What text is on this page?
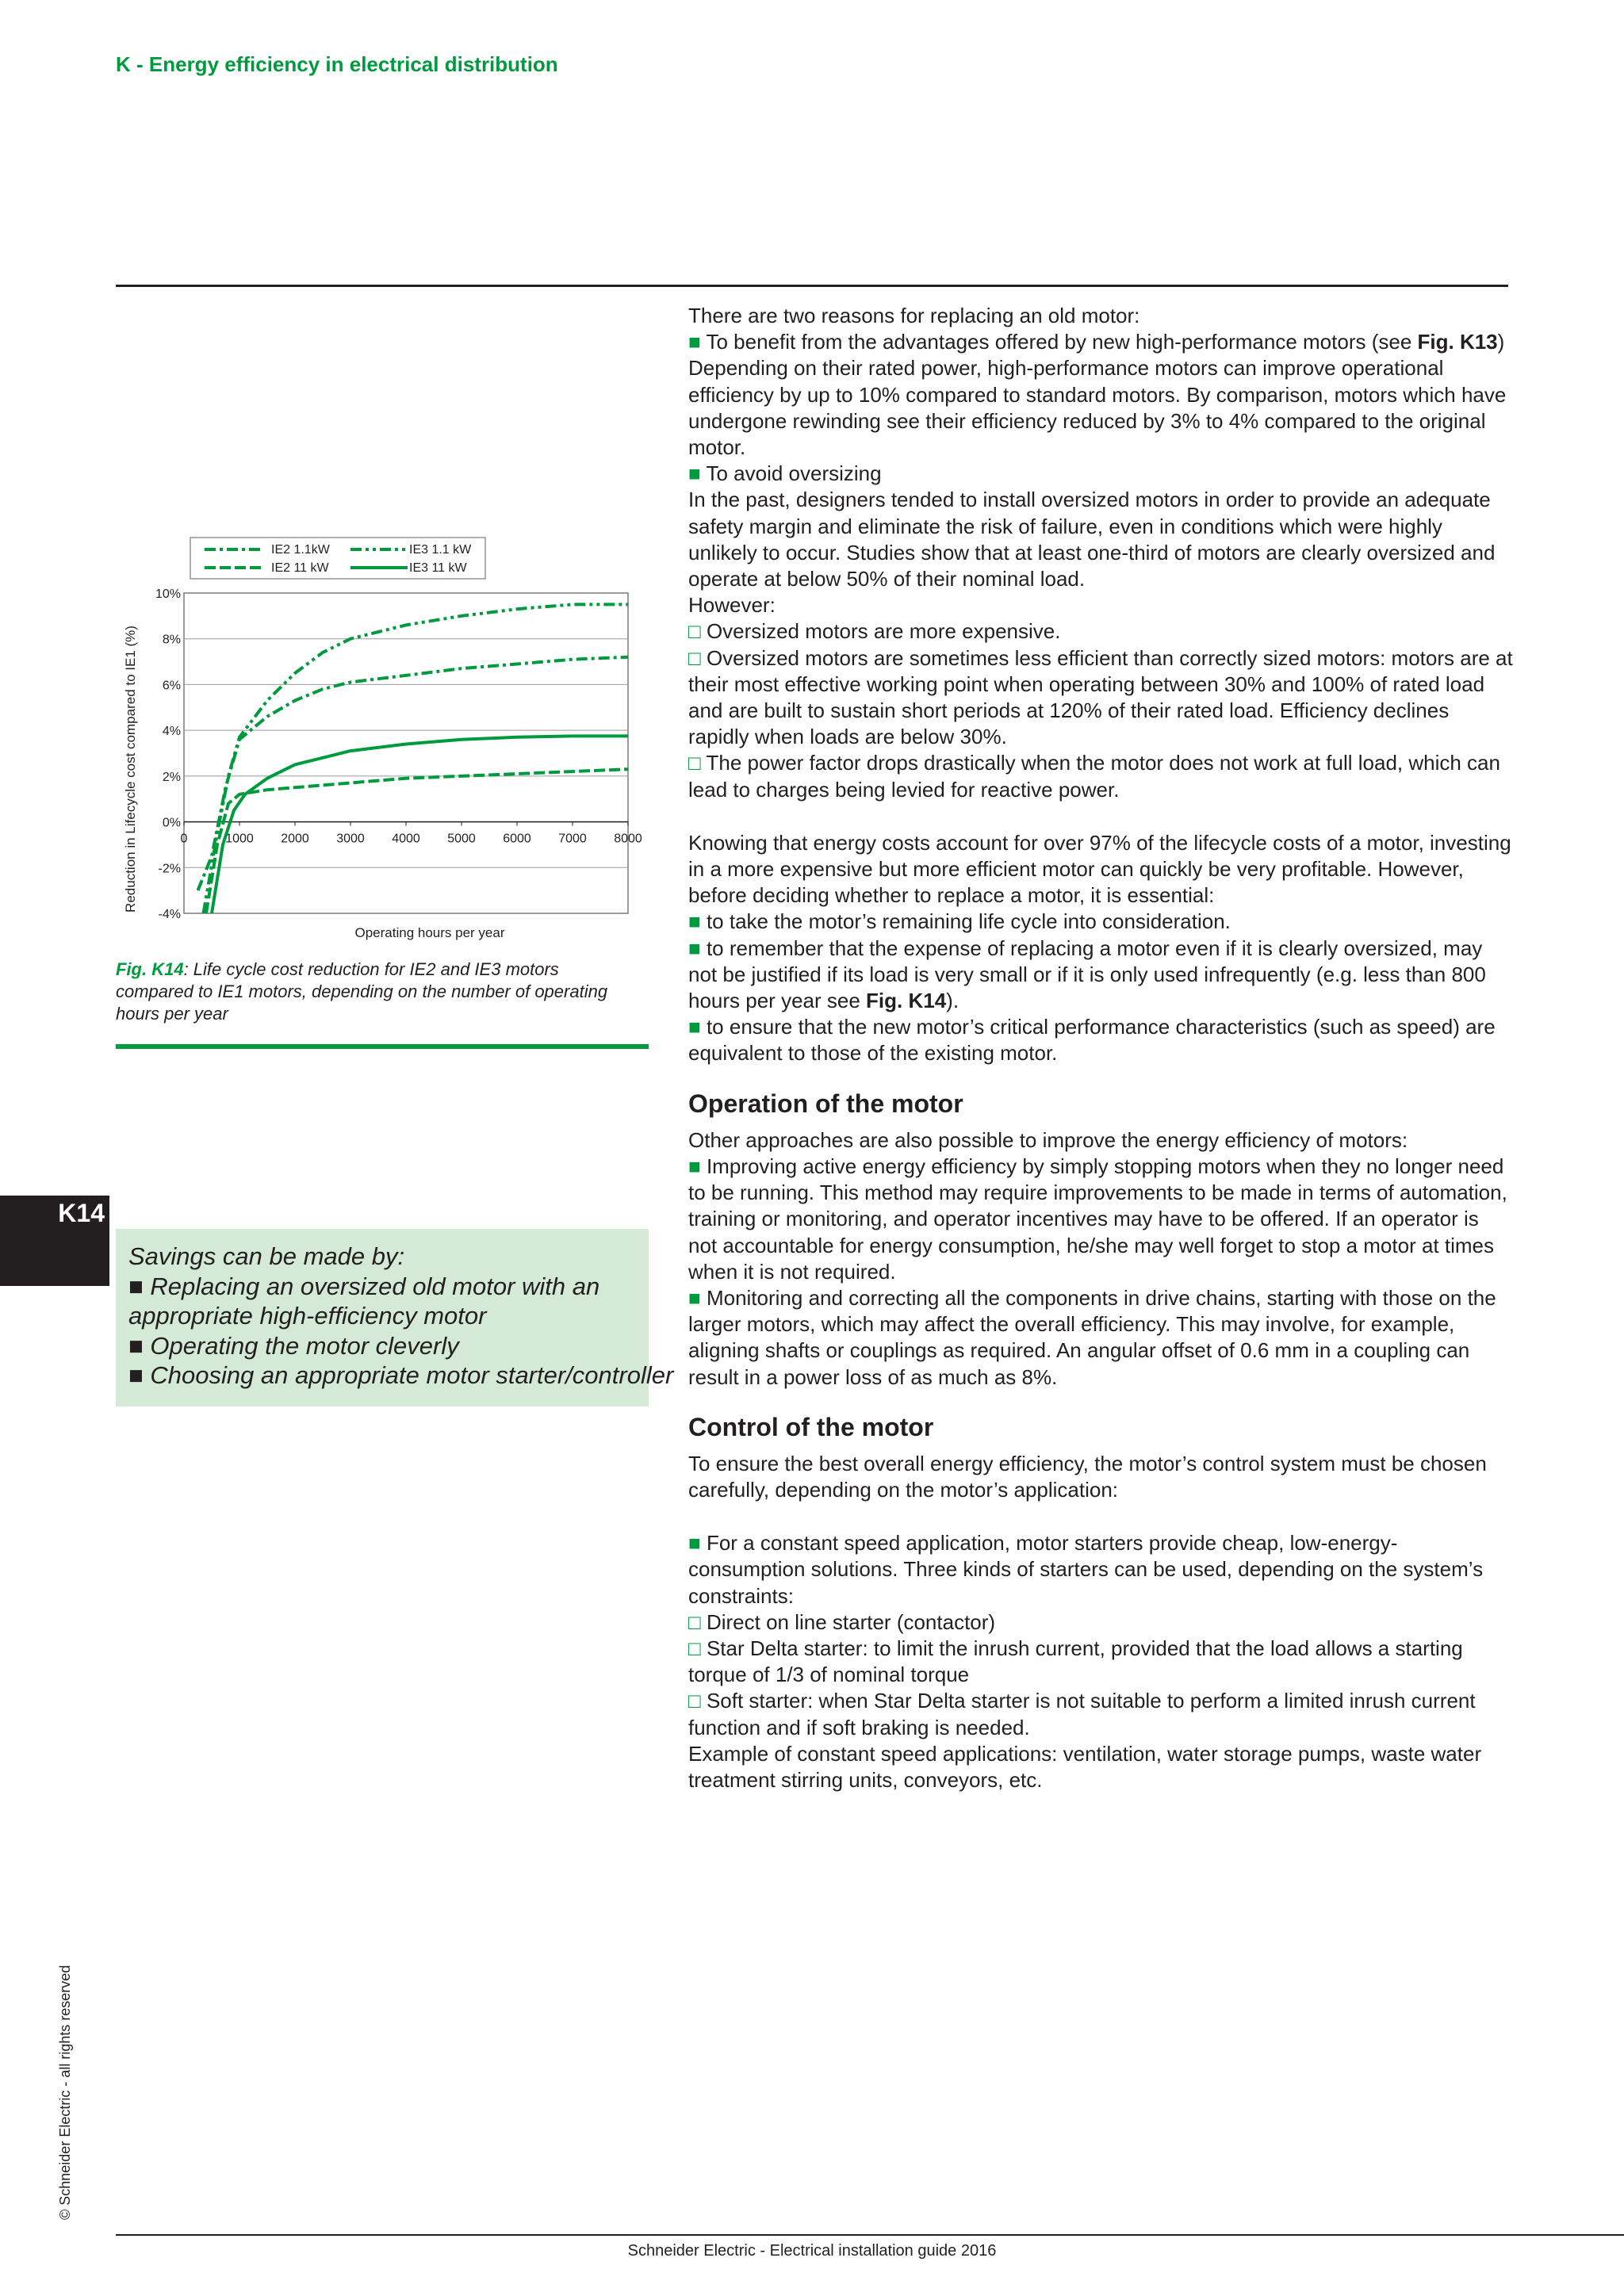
K - Energy efficiency in electrical distribution
10%
8%
6%
4%
2%
0%
-2%
-4%
0	1000 2000 3000 4000 5000 6000 7000 8000
Operating hours per year
Reduction in Lifecycle cost compared to IE1 (%)
IE2 1.1kW
IE2 11 kW
IE3 1.1 kW
IE3 11 kW
Fig. K14: Life cycle cost reduction for IE2 and IE3 motors compared to IE1 motors, depending on the number of operating hours per year
K14
Savings can be made by:
■ Replacing an oversized old motor with an appropriate high-efficiency motor
■ Operating the motor cleverly
■ Choosing an appropriate motor starter/controller

There are two reasons for replacing an old motor:

■ To benefit from the advantages offered by new high-performance motors (see Fig. K13)

Depending on their rated power, high-performance motors can improve operational efficiency by up to 10% compared to standard motors. By comparison, motors which have undergone rewinding see their efficiency reduced by 3% to 4% compared to the original motor.

■ To avoid oversizing

In the past, designers tended to install oversized motors in order to provide an adequate safety margin and eliminate the risk of failure, even in conditions which were highly unlikely to occur. Studies show that at least one-third of motors are clearly oversized and operate at below 50% of their nominal load.

However:

□ Oversized motors are more expensive.

□ Oversized motors are sometimes less efficient than correctly sized motors: motors are at their most effective working point when operating between 30% and 100% of rated load and are built to sustain short periods at 120% of their rated load. Efficiency declines rapidly when loads are below 30%.

□ The power factor drops drastically when the motor does not work at full load, which can lead to charges being levied for reactive power.

Knowing that energy costs account for over 97% of the lifecycle costs of a motor, investing in a more expensive but more efficient motor can quickly be very profitable. However, before deciding whether to replace a motor, it is essential:

■ to take the motor’s remaining life cycle into consideration.

■ to remember that the expense of replacing a motor even if it is clearly oversized, may not be justified if its load is very small or if it is only used infrequently (e.g. less than 800 hours per year see Fig. K14).

■ to ensure that the new motor’s critical performance characteristics (such as speed) are equivalent to those of the existing motor.

Operation of the motor

Other approaches are also possible to improve the energy efficiency of motors:

■ Improving active energy efficiency by simply stopping motors when they no longer need to be running. This method may require improvements to be made in terms of automation, training or monitoring, and operator incentives may have to be offered. If an operator is not accountable for energy consumption, he/she may well forget to stop a motor at times when it is not required.

■ Monitoring and correcting all the components in drive chains, starting with those on the larger motors, which may affect the overall efficiency. This may involve, for example, aligning shafts or couplings as required. An angular offset of 0.6 mm in a coupling can result in a power loss of as much as 8%.

Control of the motor

To ensure the best overall energy efficiency, the motor’s control system must be chosen carefully, depending on the motor’s application:

■ For a constant speed application, motor starters provide cheap, low-energy-consumption solutions. Three kinds of starters can be used, depending on the system’s constraints:

□ Direct on line starter (contactor)

□ Star Delta starter: to limit the inrush current, provided that the load allows a starting torque of 1/3 of nominal torque

□ Soft starter: when Star Delta starter is not suitable to perform a limited inrush current function and if soft braking is needed.

Example of constant speed applications: ventilation, water storage pumps, waste water treatment stirring units, conveyors, etc.

© Schneider Electric - all rights reserved
Schneider Electric - Electrical installation guide 2016
